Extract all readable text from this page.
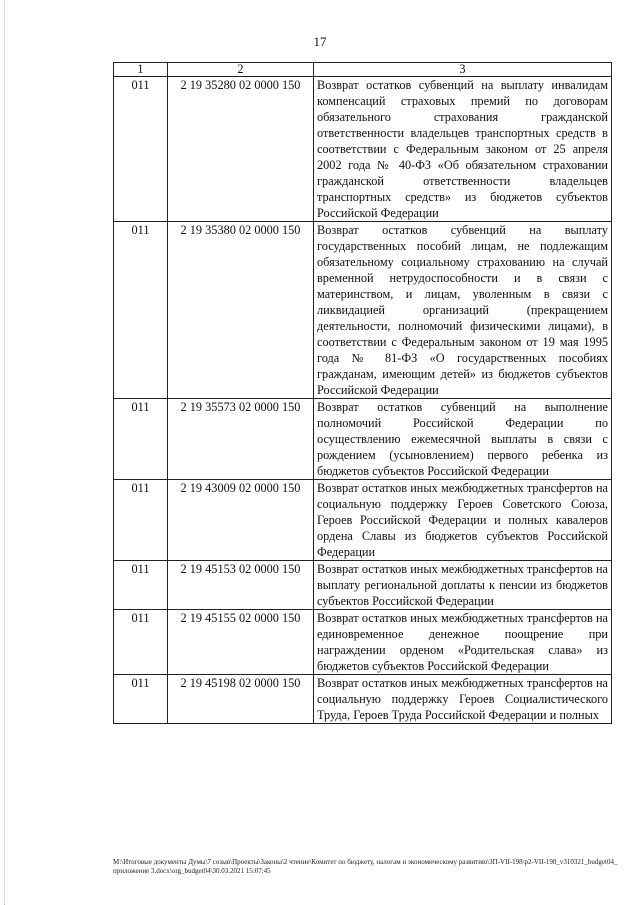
17
1	2	3
011	2 19 35280 02 0000 150	Возврат остатков субвенций на выплату инвалидам компенсаций страховых премий по договорам обязательного страхования гражданской ответственности владельцев транспортных средств в соответствии с Федеральным законом от 25 апреля 2002 года № 40-ФЗ «Об обязательном страховании гражданской ответственности владельцев транспортных средств» из бюджетов субъектов Российской Федерации
011	2 19 35380 02 0000 150	Возврат остатков субвенций на выплату государственных пособий лицам, не подлежащим обязательному социальному страхованию на случай временной нетрудоспособности и в связи с материнством, и лицам, уволенным в связи с ликвидацией организаций (прекращением деятельности, полномочий физическими лицами), в соответствии с Федеральным законом от 19 мая 1995 года № 81-ФЗ «О государственных пособиях гражданам, имеющим детей» из бюджетов субъектов Российской Федерации
011	2 19 35573 02 0000 150	Возврат остатков субвенций на выполнение полномочий Российской Федерации по осуществлению ежемесячной выплаты в связи с рождением (усыновлением) первого ребенка из бюджетов субъектов Российской Федерации
011	2 19 43009 02 0000 150	Возврат остатков иных межбюджетных трансфертов на социальную поддержку Героев Советского Союза, Героев Российской Федерации и полных кавалеров ордена Славы из бюджетов субъектов Российской Федерации
011	2 19 45153 02 0000 150	Возврат остатков иных межбюджетных трансфертов на выплату региональной доплаты к пенсии из бюджетов субъектов Российской Федерации
011	2 19 45155 02 0000 150	Возврат остатков иных межбюджетных трансфертов на единовременное денежное поощрение при награждении орденом «Родительская слава» из бюджетов субъектов Российской Федерации
011	2 19 45198 02 0000 150	Возврат остатков иных межбюджетных трансфертов на социальную поддержку Героев Социалистического Труда, Героев Труда Российской Федерации и полных
M:\Итоговые документы Думы\7 созыв\Проекты\Законы\2 чтение\Комитет по бюджету, налогам и экономическому развитию\ЗП-VII-198\р2-VII-198_v310321_budget04_приложение 3.docx\org_budget04\30.03.2021 15:07:45
